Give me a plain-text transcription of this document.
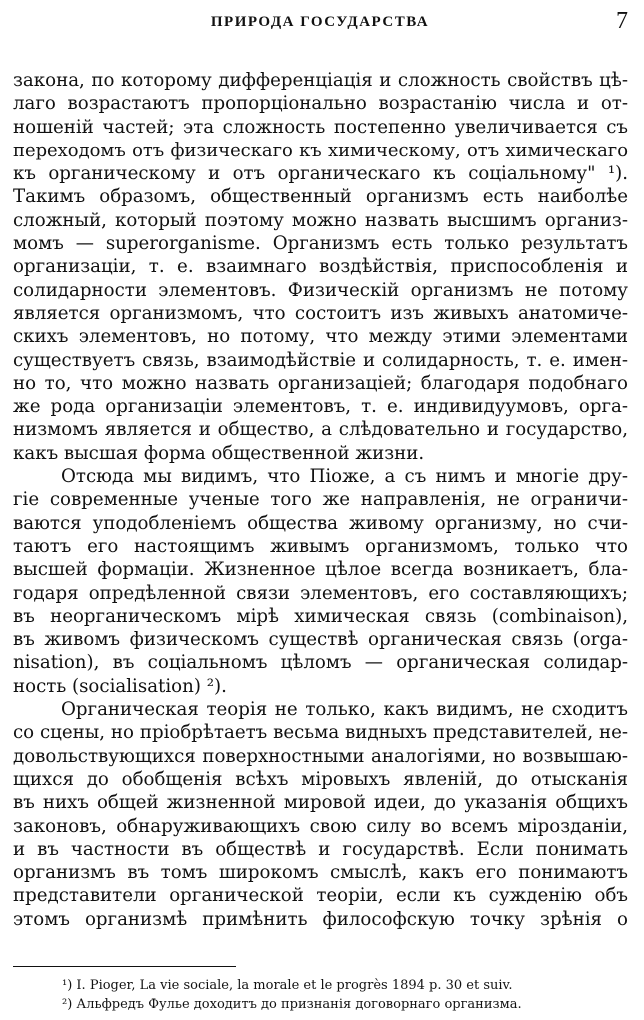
ПРИРОДА ГОСУДАРСТВА	7
закона, по которому дифференціація и сложность свойствъ цѣ-
лаго возрастаютъ пропорціонально возрастанію числа и от-
ношеній частей; эта сложность постепенно увеличивается съ
переходомъ отъ физическаго къ химическому, отъ химическаго
къ органическому и отъ органическаго къ соціальному" ¹).
Такимъ образомъ, общественный организмъ есть наиболѣе
сложный, который поэтому можно назвать высшимъ организ-
момъ — superorganisme. Организмъ есть только результатъ
организаціи, т. е. взаимнаго воздѣйствія, приспособленія и
солидарности элементовъ. Физическій организмъ не потому
является организмомъ, что состоитъ изъ живыхъ анатомиче-
скихъ элементовъ, но потому, что между этими элементами
существуетъ связь, взаимодѣйствіе и солидарность, т. е. имен-
но то, что можно назвать организаціей; благодаря подобнаго
же рода организаціи элементовъ, т. е. индивидуумовъ, орга-
низмомъ является и общество, а слѣдовательно и государство,
какъ высшая форма общественной жизни.
Отсюда мы видимъ, что Піоже, а съ нимъ и многіе дру-
гіе современные ученые того же направленія, не ограничи-
ваются уподобленіемъ общества живому организму, но счи-
таютъ его настоящимъ живымъ организмомъ, только что
высшей формаціи. Жизненное цѣлое всегда возникаетъ, бла-
годаря опредѣленной связи элементовъ, его составляющихъ;
въ неорганическомъ мірѣ химическая связь (combinaison),
въ живомъ физическомъ существѣ органическая связь (orga-
nisation), въ соціальномъ цѣломъ — органическая солидар-
ность (socialisation) ²).
Органическая теорія не только, какъ видимъ, не сходитъ
со сцены, но пріобрѣтаетъ весьма видныхъ представителей, не-
довольствующихся поверхностными аналогіями, но возвышаю-
щихся до обобщенія всѣхъ міровыхъ явленій, до отысканія
въ нихъ общей жизненной мировой идеи, до указанія общихъ
законовъ, обнаруживающихъ свою силу во всемъ мірозданіи,
и въ частности въ обществѣ и государствѣ. Если понимать
организмъ въ томъ широкомъ смыслѣ, какъ его понимаютъ
представители органической теоріи, если къ сужденію объ
этомъ организмѣ примѣнить философскую точку зрѣнія о
¹) I. Pioger, La vie sociale, la morale et le progrès 1894 p. 30 et suiv.
²) Альфредъ Фулье доходитъ до признанія договорнаго организма.
